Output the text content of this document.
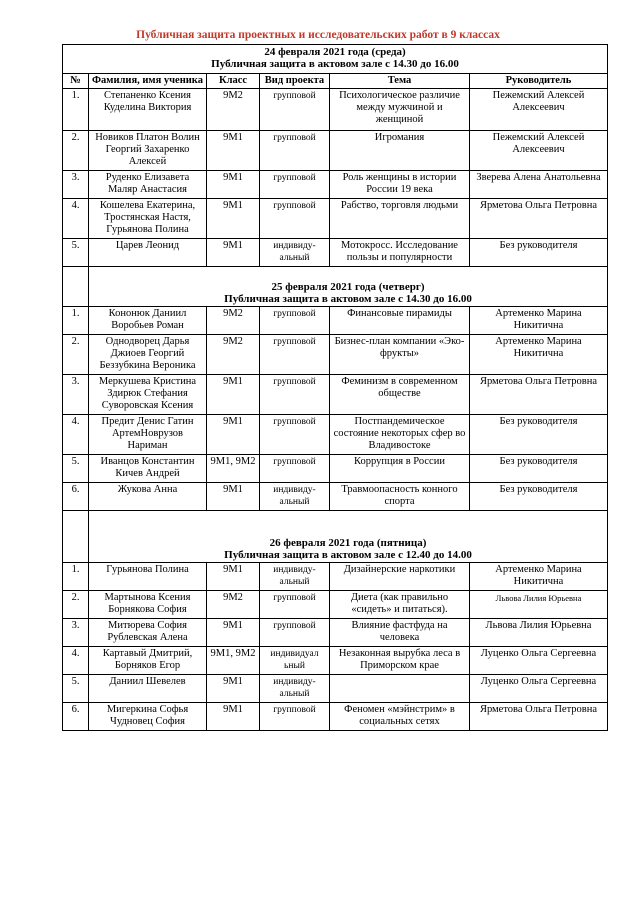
Публичная защита проектных и исследовательских работ в 9 классах
24 февраля 2021 года (среда)
Публичная защита в актовом зале с 14.30 до 16.00					

№	Фамилия, имя ученика	Класс	Вид проекта	Тема	Руководитель
1.	Степаненко Ксения Куделина Виктория	9М2	групповой	Психологическое различие между мужчиной и женщиной	Пежемский Алексей Алексеевич
2.	Новиков Платон Волин Георгий Захаренко Алексей	9М1	групповой	Игромания	Пежемский Алексей Алексеевич
3.	Руденко Елизавета Маляр Анастасия	9М1	групповой	Роль женщины в истории России 19 века	Зверева Алена Анатольевна
4.	Кошелева Екатерина, Тростянская Настя, Гурьянова Полина	9М1	групповой	Рабство, торговля людьми	Ярметова Ольга Петровна
5.	Царев Леонид	9М1	индивиду-альный	Мотокросс. Исследование пользы и популярности	Без руководителя

	25 февраля 2021 года (четверг)
Публичная защита в актовом зале с 14.30 до 16.00				

1.	Кононюк Даниил Воробьев Роман	9М2	групповой	Финансовые пирамиды	Артеменко Марина Никитична
2.	Однодворец Дарья Джиоев Георгий Беззубкина Вероника	9М2	групповой	Бизнес-план компании «Эко-фрукты»	Артеменко Марина Никитична
3.	Меркушева Кристина Здирюк Стефания Суворовская Ксения	9М1	групповой	Феминизм в современном обществе	Ярметова Ольга Петровна
4.	Предит Денис Гатин АртемНоврузов Нариман	9М1	групповой	Постпандемическое состояние некоторых сфер во Владивостоке	Без руководителя
5.	Иванцов Константин Кичев Андрей	9М1, 9М2	групповой	Коррупция в России	Без руководителя
6.	Жукова Анна	9М1	индивиду-альный	Травмоопасность конного спорта	Без руководителя

	26 февраля 2021 года (пятница)
Публичная защита в актовом зале с 12.40 до 14.00				

1.	Гурьянова Полина	9М1	индивиду-альный	Дизайнерские наркотики	Артеменко Марина Никитична
2.	Мартынова Ксения Борнякова София	9М2	групповой	Диета (как правильно «сидеть» и питаться).	Львова Лилия Юрьевна
3.	Митюрева София Рублевская Алена	9М1	групповой	Влияние фастфуда на человека	Львова Лилия Юрьевна
4.	Картавый Дмитрий, Борняков Егор	9М1, 9М2	индивидуал ьный	Незаконная вырубка леса в Приморском крае	Луценко Ольга Сергеевна
5.	Даниил Шевелев	9М1	индивиду-альный		Луценко Ольга Сергеевна
6.	Мигеркина Софья Чудновец София	9М1	групповой	Феномен «мэйнстрим» в социальных сетях	Ярметова Ольга Петровна
